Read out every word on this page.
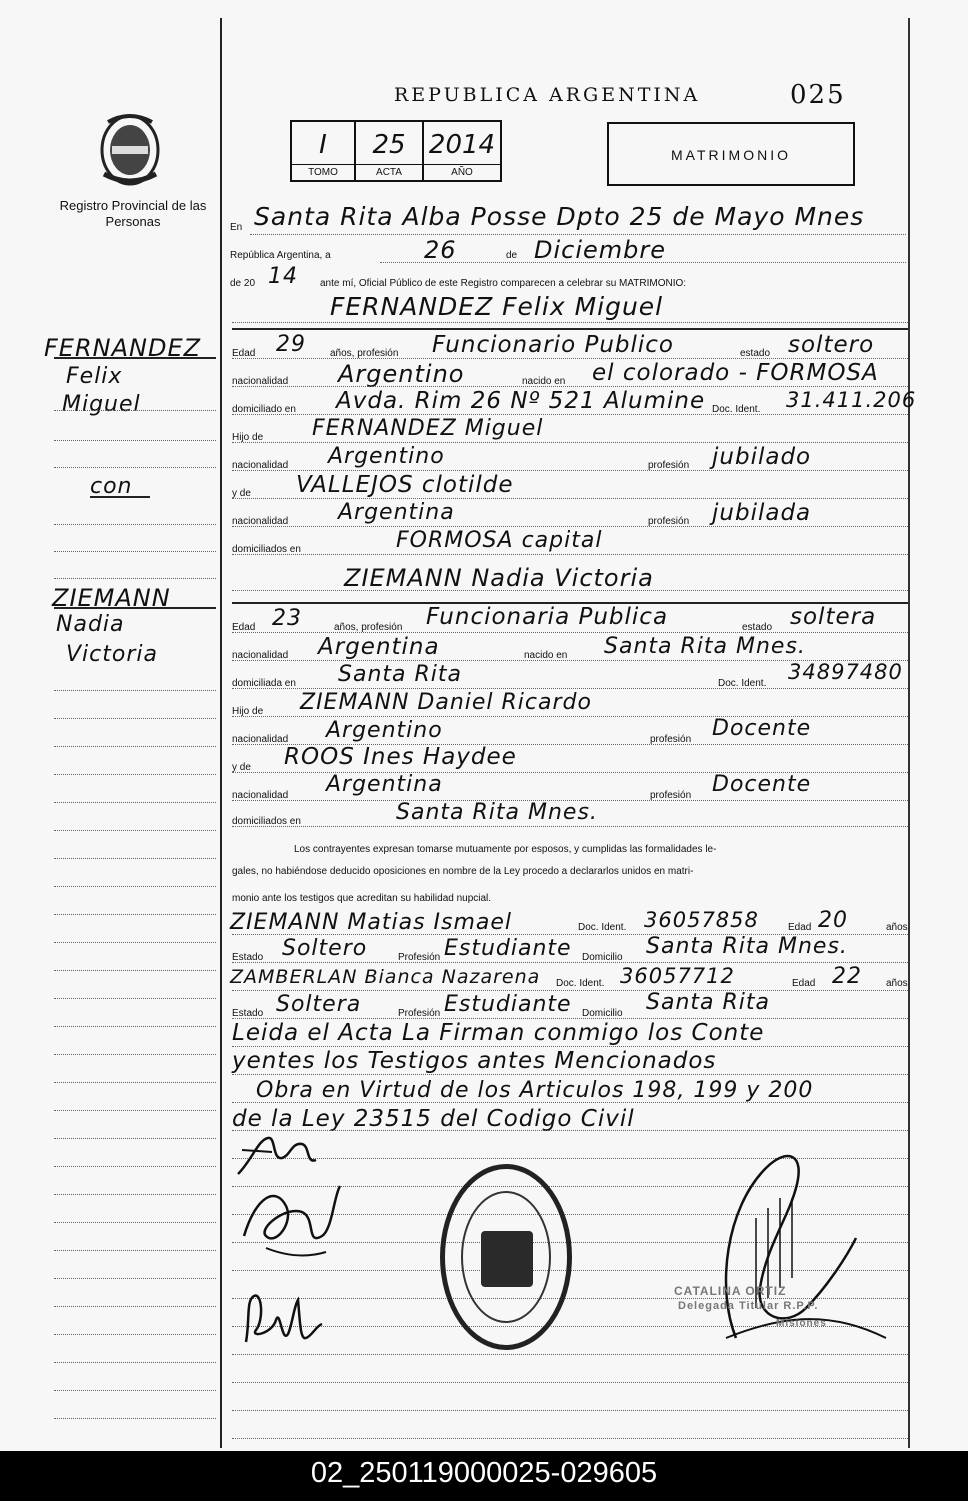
Registro Provincial de las Personas
REPUBLICA ARGENTINA	025
I
TOMO
25
ACTA
2014
AÑO
MATRIMONIO
FERNANDEZ
Felix
Miguel
con
ZIEMANN
Nadia
Victoria
En Santa Rita Alba Posse Dpto 25 de Mayo Mnes
República Argentina, a	26	de Diciembre
de 20 14 ante mí, Oficial Público de este Registro comparecen a celebrar su MATRIMONIO:
FERNANDEZ Felix Miguel
Edad 29 años, profesión Funcionario Publico	estado soltero
nacionalidad Argentino	nacido en el colorado - FORMOSA
domiciliado en Avda. Rim 26 Nº 521 Alumine Doc. Ident. 31.411.206
Hijo de FERNANDEZ Miguel
nacionalidad Argentino	profesión jubilado
y de VALLEJOS clotilde
nacionalidad Argentina	profesión jubilada
domiciliados en	FORMOSA capital
ZIEMANN Nadia Victoria
Edad 23	años, profesión Funcionaria Publica	estado soltera
nacionalidad Argentina	nacido en Santa Rita Mnes.
domiciliada en Santa Rita	Doc. Ident. 34897480
Hijo de ZIEMANN Daniel Ricardo
nacionalidad Argentino	profesión Docente
y de ROOS Ines Haydee
nacionalidad Argentina	profesión Docente
domiciliados en	Santa Rita Mnes.
Los contrayentes expresan tomarse mutuamente por esposos, y cumplidas las formalidades le-
gales, no habiéndose deducido oposiciones en nombre de la Ley procedo a declararlos unidos en matri-
monio ante los testigos que acreditan su habilidad nupcial.
ZIEMANN Matias Ismael	Doc. Ident. 36057858	Edad 20	años
Estado Soltero	Profesión Estudiante Domicilio Santa Rita Mnes.
ZAMBERLAN Bianca Nazarena Doc. Ident. 36057712	Edad 22 años
Estado Soltera	Profesión Estudiante Domicilio Santa Rita
Leida el Acta La Firman conmigo los Conte
yentes los Testigos antes Mencionados
Obra en Virtud de los Articulos 198, 199 y 200
de la Ley 23515 del Codigo Civil
CATALINA ORTIZ
Delegada Titular R.P.P.
Misiones
02_250119000025-029605
